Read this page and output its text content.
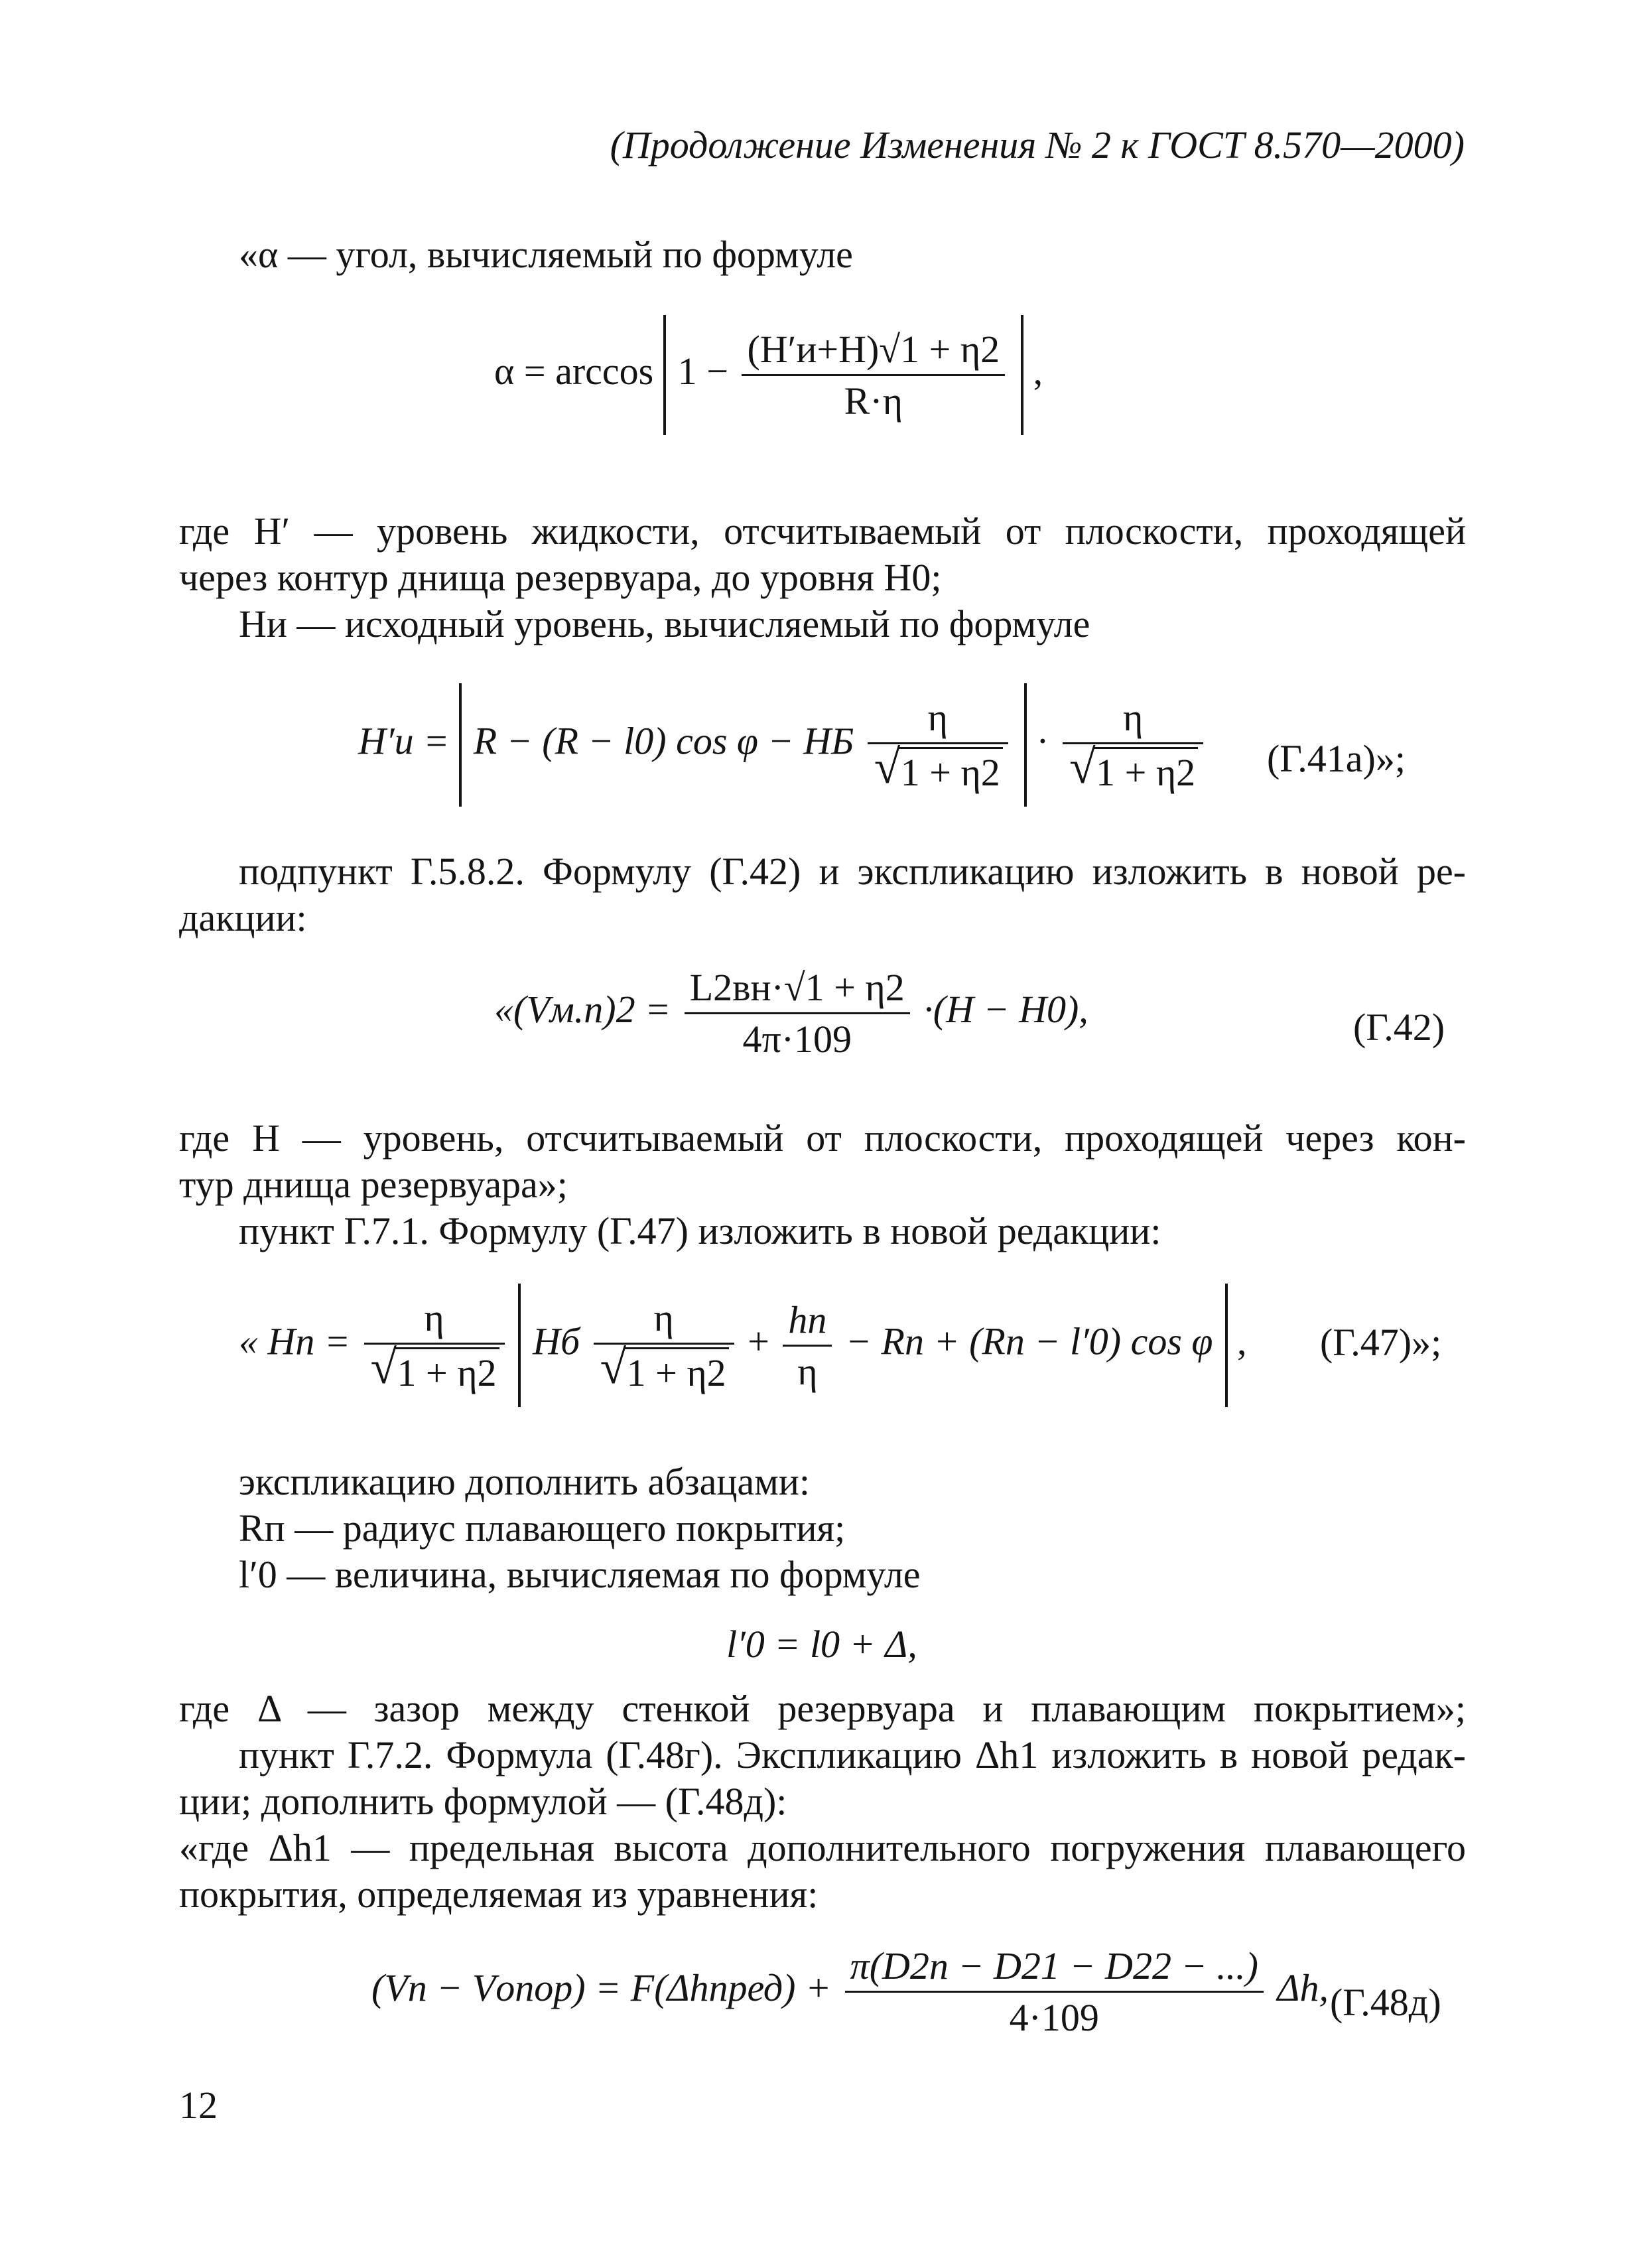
(Продолжение Изменения № 2 к ГОСТ 8.570—2000)
«α — угол, вычисляемый по формуле
$\alpha = \arccos 1 - \frac{(H'и+H)√1 + \eta 2}{R\cdot\eta}$ ,
где H′ — уровень жидкости, отсчитываемый от плоскости, проходящей
через контур днища резервуара, до уровня H0;
Hи — исходный уровень, вычисляемый по формуле
H′и = R − (R − l0) cos φ − HБ η
√ 1 + η2 · η
√ 1 + η2 (Г.41а)»;
подпункт Г.5.8.2. Формулу (Г.42) и экспликацию изложить в новой ре-
дакции:
«$(Vм.п)2 = \frac{L2вн\cdot√1 + \eta 2}{4\pi\cdot 109} \cdot(H - H0)$,	(Г.42)
где H — уровень, отсчитываемый от плоскости, проходящей через кон-
тур днища резервуара»;
пункт Г.7.1. Формулу (Г.47) изложить в новой редакции:
« Hп = η
√ 1 + η2 Hб η
√ $1 + \eta 2 + \frac{hп}{\eta}$ − Rп + (Rп − l′0) cos φ , (Г.47)»;
экспликацию дополнить абзацами:
Rп — радиус плавающего покрытия;
l′0 — величина, вычисляемая по формуле
l′0 = l0 + Δ,
где Δ — зазор между стенкой резервуара и плавающим покрытием»;
пункт Г.7.2. Формула (Г.48г). Экспликацию Δh1 изложить в новой редак-
ции; дополнить формулой — (Г.48д):
«где Δh1 — предельная высота дополнительного погружения плавающего
покрытия, определяемая из уравнения:
(Vп − Vопор) = F(Δhпред) + $\frac{\pi(D2п - D21 - D22 - ...)}{4\cdot 109} \Delta h$, (Г.48д)
12
